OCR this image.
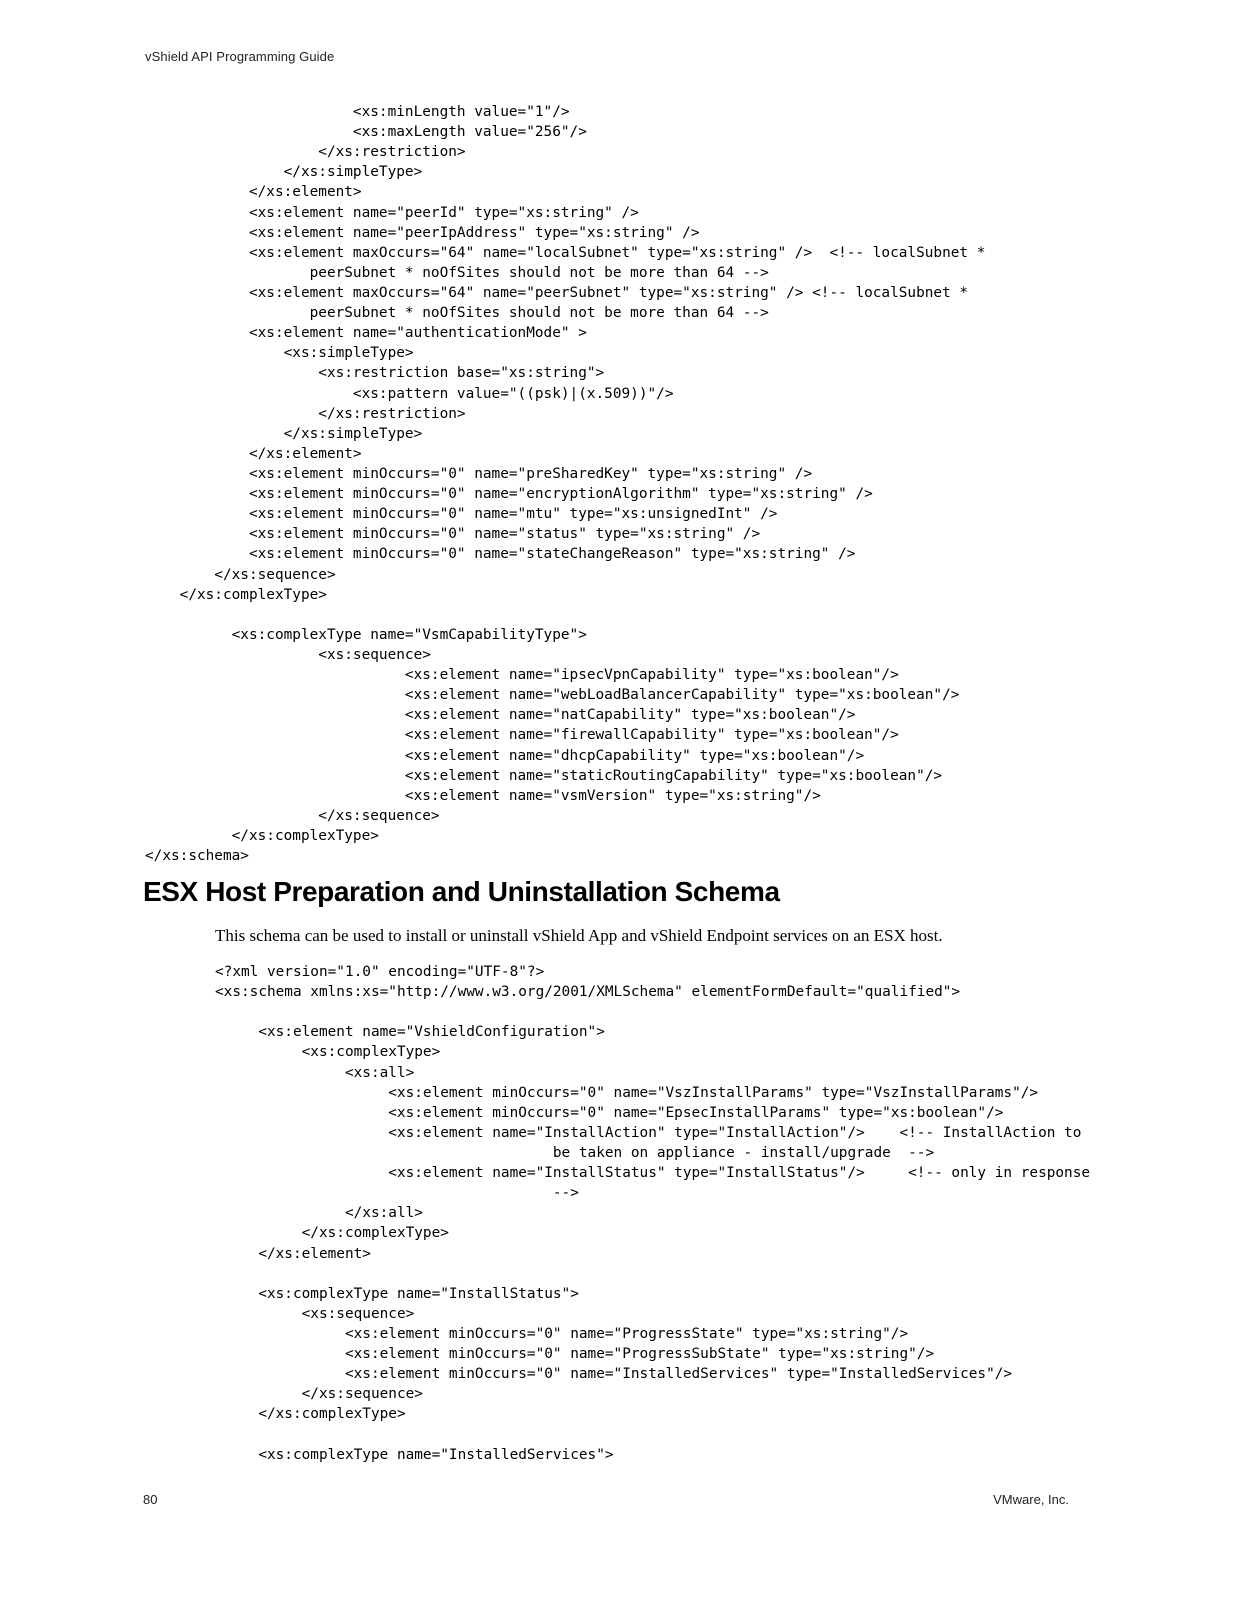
vShield API Programming Guide
<xs:minLength value="1"/>
<xs:maxLength value="256"/>
</xs:restriction>
</xs:simpleType>
</xs:element>
<xs:element name="peerId" type="xs:string" />
<xs:element name="peerIpAddress" type="xs:string" />
<xs:element maxOccurs="64" name="localSubnet" type="xs:string" />  <!-- localSubnet *
peerSubnet * noOfSites should not be more than 64 -->
<xs:element maxOccurs="64" name="peerSubnet" type="xs:string" /> <!-- localSubnet *
peerSubnet * noOfSites should not be more than 64 -->
<xs:element name="authenticationMode" >
<xs:simpleType>
<xs:restriction base="xs:string">
<xs:pattern value="((psk)|(x.509))"/>
</xs:restriction>
</xs:simpleType>
</xs:element>
<xs:element minOccurs="0" name="preSharedKey" type="xs:string" />
<xs:element minOccurs="0" name="encryptionAlgorithm" type="xs:string" />
<xs:element minOccurs="0" name="mtu" type="xs:unsignedInt" />
<xs:element minOccurs="0" name="status" type="xs:string" />
<xs:element minOccurs="0" name="stateChangeReason" type="xs:string" />
</xs:sequence>
</xs:complexType>

<xs:complexType name="VsmCapabilityType">
<xs:sequence>
<xs:element name="ipsecVpnCapability" type="xs:boolean"/>
<xs:element name="webLoadBalancerCapability" type="xs:boolean"/>
<xs:element name="natCapability" type="xs:boolean"/>
<xs:element name="firewallCapability" type="xs:boolean"/>
<xs:element name="dhcpCapability" type="xs:boolean"/>
<xs:element name="staticRoutingCapability" type="xs:boolean"/>
<xs:element name="vsmVersion" type="xs:string"/>
</xs:sequence>
</xs:complexType>
</xs:schema>
ESX Host Preparation and Uninstallation Schema

This schema can be used to install or uninstall vShield App and vShield Endpoint services on an ESX host.

<?xml version="1.0" encoding="UTF-8"?>
<xs:schema xmlns:xs="http://www.w3.org/2001/XMLSchema" elementFormDefault="qualified">

<xs:element name="VshieldConfiguration">
<xs:complexType>
<xs:all>
<xs:element minOccurs="0" name="VszInstallParams" type="VszInstallParams"/>
<xs:element minOccurs="0" name="EpsecInstallParams" type="xs:boolean"/>
<xs:element name="InstallAction" type="InstallAction"/>    <!-- InstallAction to
be taken on appliance - install/upgrade  -->
<xs:element name="InstallStatus" type="InstallStatus"/>     <!-- only in response
-->
</xs:all>
</xs:complexType>
</xs:element>

<xs:complexType name="InstallStatus">
<xs:sequence>
<xs:element minOccurs="0" name="ProgressState" type="xs:string"/>
<xs:element minOccurs="0" name="ProgressSubState" type="xs:string"/>
<xs:element minOccurs="0" name="InstalledServices" type="InstalledServices"/>
</xs:sequence>
</xs:complexType>

<xs:complexType name="InstalledServices">
80	VMware, Inc.
